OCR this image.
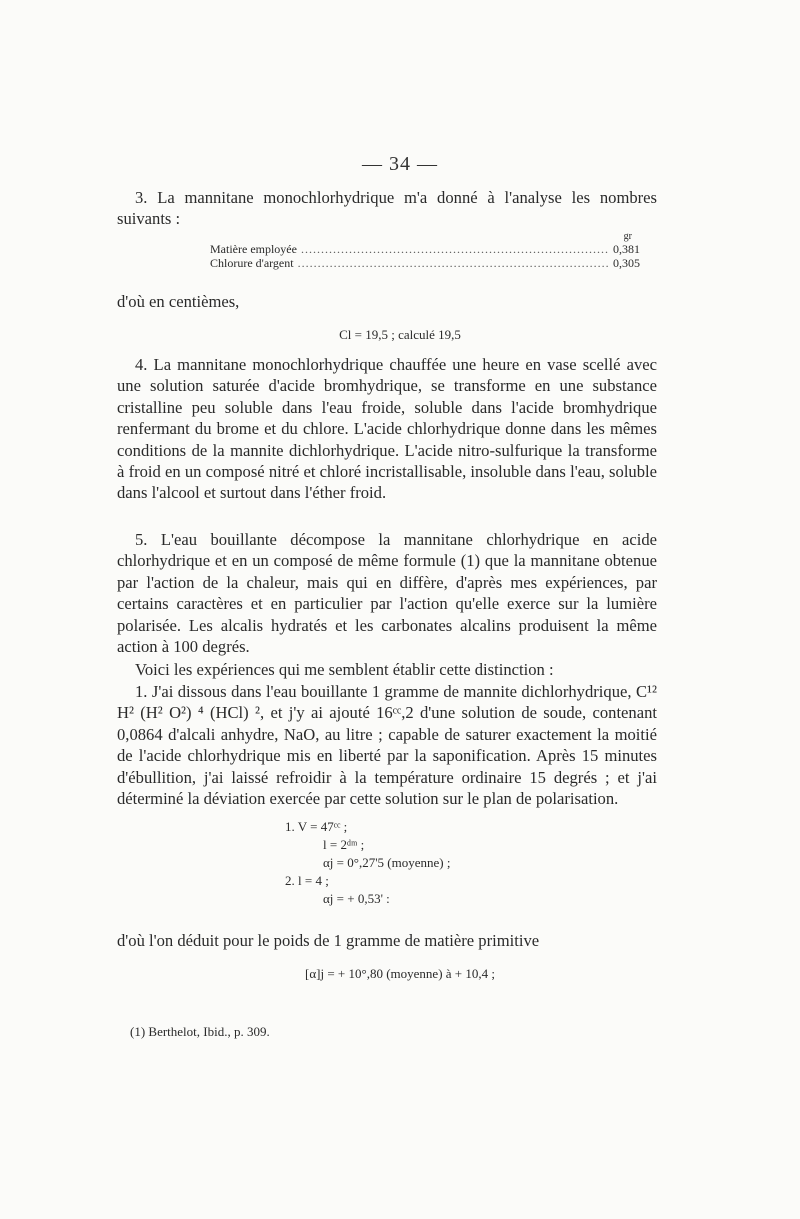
— 34 —

3. La mannitane monochlorhydrique m'a donné à l'analyse les nombres suivants :

gr
Matière employée .....	0,381
Chlorure d'argent .....	0,305

d'où en centièmes,

Cl = 19,5 ; calculé 19,5

4. La mannitane monochlorhydrique chauffée une heure en vase scellé avec une solution saturée d'acide bromhydrique, se transforme en une substance cristalline peu soluble dans l'eau froide, soluble dans l'acide bromhydrique renfermant du brome et du chlore. L'acide chlorhydrique donne dans les mêmes conditions de la mannite dichlorhydrique. L'acide nitro-sulfurique la transforme à froid en un composé nitré et chloré incristallisable, insoluble dans l'eau, soluble dans l'alcool et surtout dans l'éther froid.

5. L'eau bouillante décompose la mannitane chlorhydrique en acide chlorhydrique et en un composé de même formule (1) que la mannitane obtenue par l'action de la chaleur, mais qui en diffère, d'après mes expériences, par certains caractères et en particulier par l'action qu'elle exerce sur la lumière polarisée. Les alcalis hydratés et les carbonates alcalins produisent la même action à 100 degrés.

Voici les expériences qui me semblent établir cette distinction :

1. J'ai dissous dans l'eau bouillante 1 gramme de mannite dichlorhydrique, C¹² H² (H² O²) ⁴ (HCl) ², et j'y ai ajouté 16ᶜᶜ,2 d'une solution de soude, contenant 0,0864 d'alcali anhydre, NaO, au litre ; capable de saturer exactement la moitié de l'acide chlorhydrique mis en liberté par la saponification. Après 15 minutes d'ébullition, j'ai laissé refroidir à la température ordinaire 15 degrés ; et j'ai déterminé la déviation exercée par cette solution sur le plan de polarisation.

1. V = 47ᶜᶜ ;
l = 2ᵈᵐ ;
αj = 0°,27'5 (moyenne) ;
2. l = 4 ;
αj = + 0,53' :

d'où l'on déduit pour le poids de 1 gramme de matière primitive

[α]j = + 10°,80 (moyenne) à + 10,4 ;
(1) Berthelot, Ibid., p. 309.
